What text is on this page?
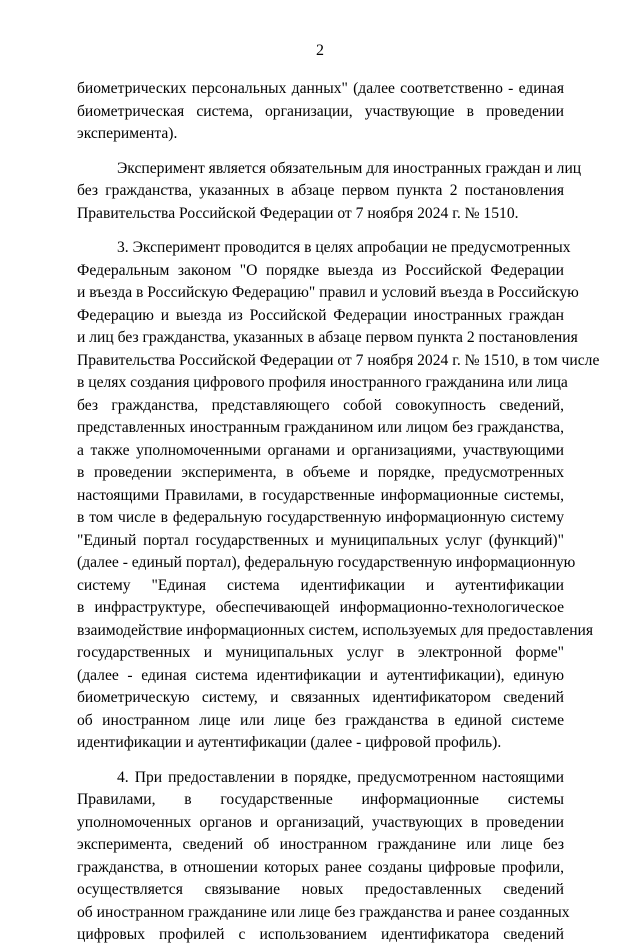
2
биометрических персональных данных" (далее соответственно - единая
биометрическая система, организации, участвующие в проведении
эксперимента).
Эксперимент является обязательным для иностранных граждан и лиц
без гражданства, указанных в абзаце первом пункта 2 постановления
Правительства Российской Федерации от 7 ноября 2024 г. № 1510.
3. Эксперимент проводится в целях апробации не предусмотренных
Федеральным законом "О порядке выезда из Российской Федерации
и въезда в Российскую Федерацию" правил и условий въезда в Российскую
Федерацию и выезда из Российской Федерации иностранных граждан
и лиц без гражданства, указанных в абзаце первом пункта 2 постановления
Правительства Российской Федерации от 7 ноября 2024 г. № 1510, в том числе
в целях создания цифрового профиля иностранного гражданина или лица
без гражданства, представляющего собой совокупность сведений,
представленных иностранным гражданином или лицом без гражданства,
а также уполномоченными органами и организациями, участвующими
в проведении эксперимента, в объеме и порядке, предусмотренных
настоящими Правилами, в государственные информационные системы,
в том числе в федеральную государственную информационную систему
"Единый портал государственных и муниципальных услуг (функций)"
(далее - единый портал), федеральную государственную информационную
систему "Единая система идентификации и аутентификации
в инфраструктуре, обеспечивающей информационно-технологическое
взаимодействие информационных систем, используемых для предоставления
государственных и муниципальных услуг в электронной форме"
(далее - единая система идентификации и аутентификации), единую
биометрическую систему, и связанных идентификатором сведений
об иностранном лице или лице без гражданства в единой системе
идентификации и аутентификации (далее - цифровой профиль).
4. При предоставлении в порядке, предусмотренном настоящими
Правилами, в государственные информационные системы
уполномоченных органов и организаций, участвующих в проведении
эксперимента, сведений об иностранном гражданине или лице без
гражданства, в отношении которых ранее созданы цифровые профили,
осуществляется связывание новых предоставленных сведений
об иностранном гражданине или лице без гражданства и ранее созданных
цифровых профилей с использованием идентификатора сведений
